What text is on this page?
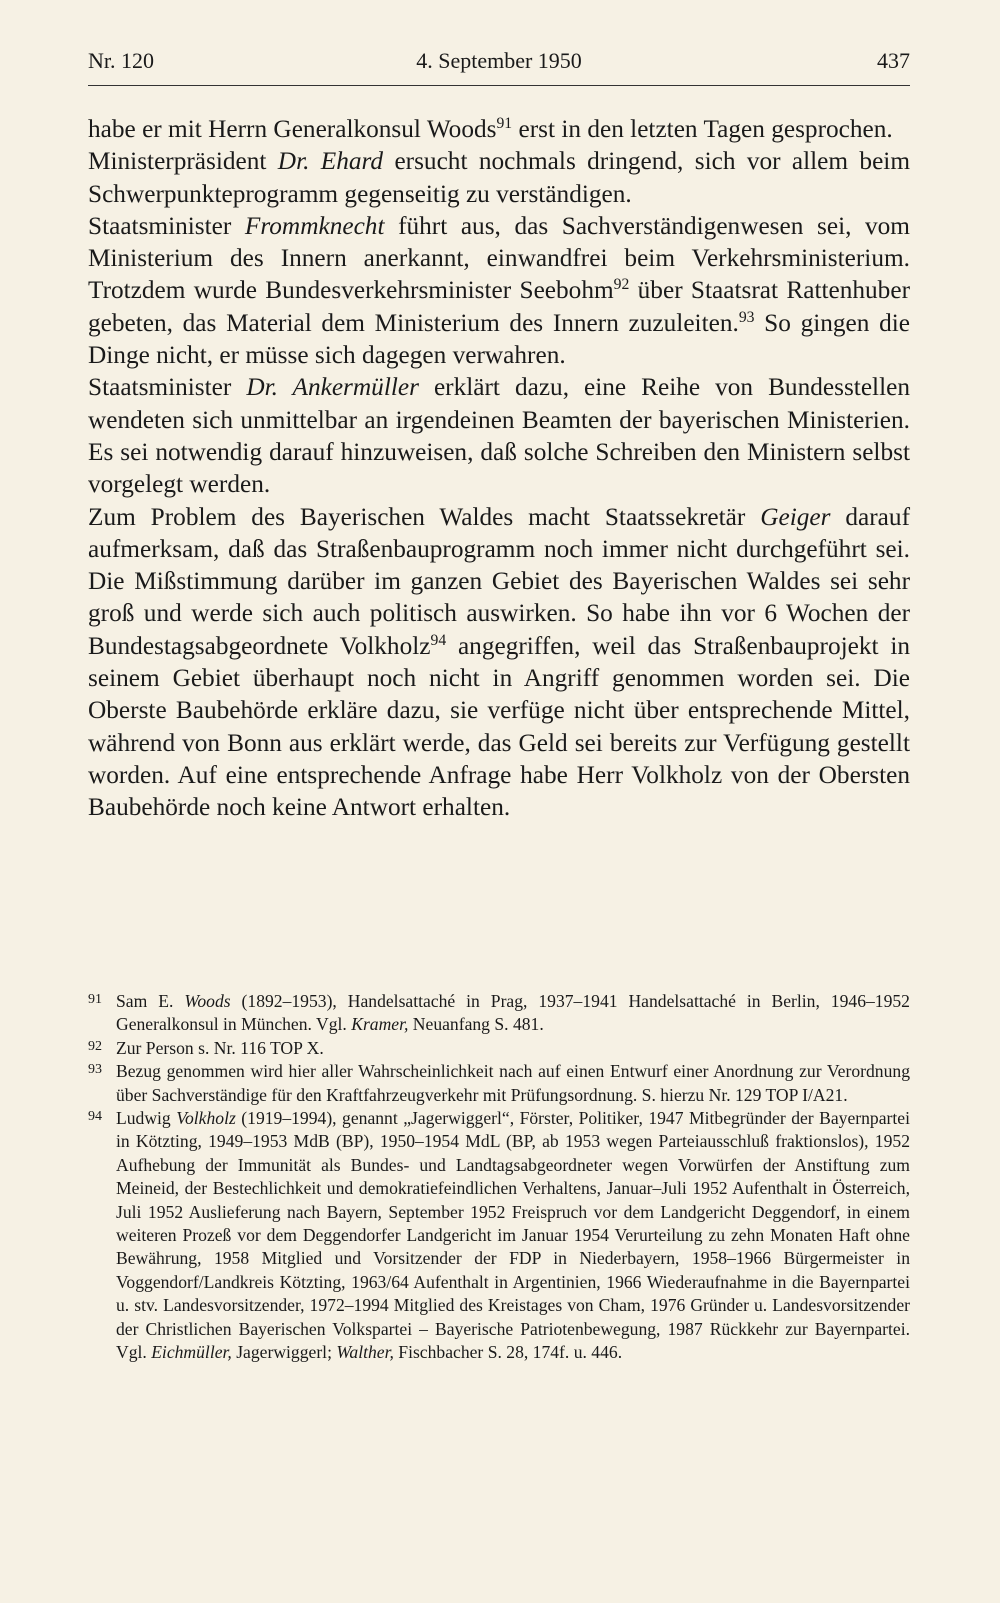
Nr. 120	4. September 1950	437

habe er mit Herrn Generalkonsul Woods$^{91}$ erst in den letzten Tagen gesprochen.

Ministerpräsident Dr. Ehard ersucht nochmals dringend, sich vor allem beim Schwerpunkteprogramm gegenseitig zu verständigen.

Staatsminister Frommknecht führt aus, das Sachverständigenwesen sei, vom Ministerium des Innern anerkannt, einwandfrei beim Verkehrsministerium. Trotzdem wurde Bundesverkehrsminister Seebohm$^{92}$ über Staatsrat Rattenhuber gebeten, das Material dem Ministerium des Innern zuzuleiten.$^{93}$ So gingen die Dinge nicht, er müsse sich dagegen verwahren.

Staatsminister Dr. Ankermüller erklärt dazu, eine Reihe von Bundesstellen wendeten sich unmittelbar an irgendeinen Beamten der bayerischen Ministerien. Es sei notwendig darauf hinzuweisen, daß solche Schreiben den Ministern selbst vorgelegt werden.

Zum Problem des Bayerischen Waldes macht Staatssekretär Geiger darauf aufmerksam, daß das Straßenbauprogramm noch immer nicht durchgeführt sei. Die Mißstimmung darüber im ganzen Gebiet des Bayerischen Waldes sei sehr groß und werde sich auch politisch auswirken. So habe ihn vor 6 Wochen der Bundestagsabgeordnete Volkholz$^{94}$ angegriffen, weil das Straßenbauprojekt in seinem Gebiet überhaupt noch nicht in Angriff genommen worden sei. Die Oberste Baubehörde erkläre dazu, sie verfüge nicht über entsprechende Mittel, während von Bonn aus erklärt werde, das Geld sei bereits zur Verfügung gestellt worden. Auf eine entsprechende Anfrage habe Herr Volkholz von der Obersten Baubehörde noch keine Antwort erhalten.

91 Sam E. Woods (1892–1953), Handelsattaché in Prag, 1937–1941 Handelsattaché in Berlin, 1946–1952 Generalkonsul in München. Vgl. Kramer, Neuanfang S. 481.
92 Zur Person s. Nr. 116 TOP X.
93 Bezug genommen wird hier aller Wahrscheinlichkeit nach auf einen Entwurf einer Anordnung zur Verordnung über Sachverständige für den Kraftfahrzeugverkehr mit Prüfungsordnung. S. hierzu Nr. 129 TOP I/A21.
94 Ludwig Volkholz (1919–1994), genannt „Jagerwiggerl“, Förster, Politiker, 1947 Mitbegründer der Bayernpartei in Kötzting, 1949–1953 MdB (BP), 1950–1954 MdL (BP, ab 1953 wegen Parteiausschluß fraktionslos), 1952 Aufhebung der Immunität als Bundes- und Landtagsabgeordneter wegen Vorwürfen der Anstiftung zum Meineid, der Bestechlichkeit und demokratiefeindlichen Verhaltens, Januar–Juli 1952 Aufenthalt in Österreich, Juli 1952 Auslieferung nach Bayern, September 1952 Freispruch vor dem Landgericht Deggendorf, in einem weiteren Prozeß vor dem Deggendorfer Landgericht im Januar 1954 Verurteilung zu zehn Monaten Haft ohne Bewährung, 1958 Mitglied und Vorsitzender der FDP in Niederbayern, 1958–1966 Bürgermeister in Voggendorf/Landkreis Kötzting, 1963/64 Aufenthalt in Argentinien, 1966 Wiederaufnahme in die Bayernpartei u. stv. Landesvorsitzender, 1972–1994 Mitglied des Kreistages von Cham, 1976 Gründer u. Landesvorsitzender der Christlichen Bayerischen Volkspartei – Bayerische Patriotenbewegung, 1987 Rückkehr zur Bayernpartei. Vgl. Eichmüller, Jagerwiggerl; Walther, Fischbacher S. 28, 174f. u. 446.
